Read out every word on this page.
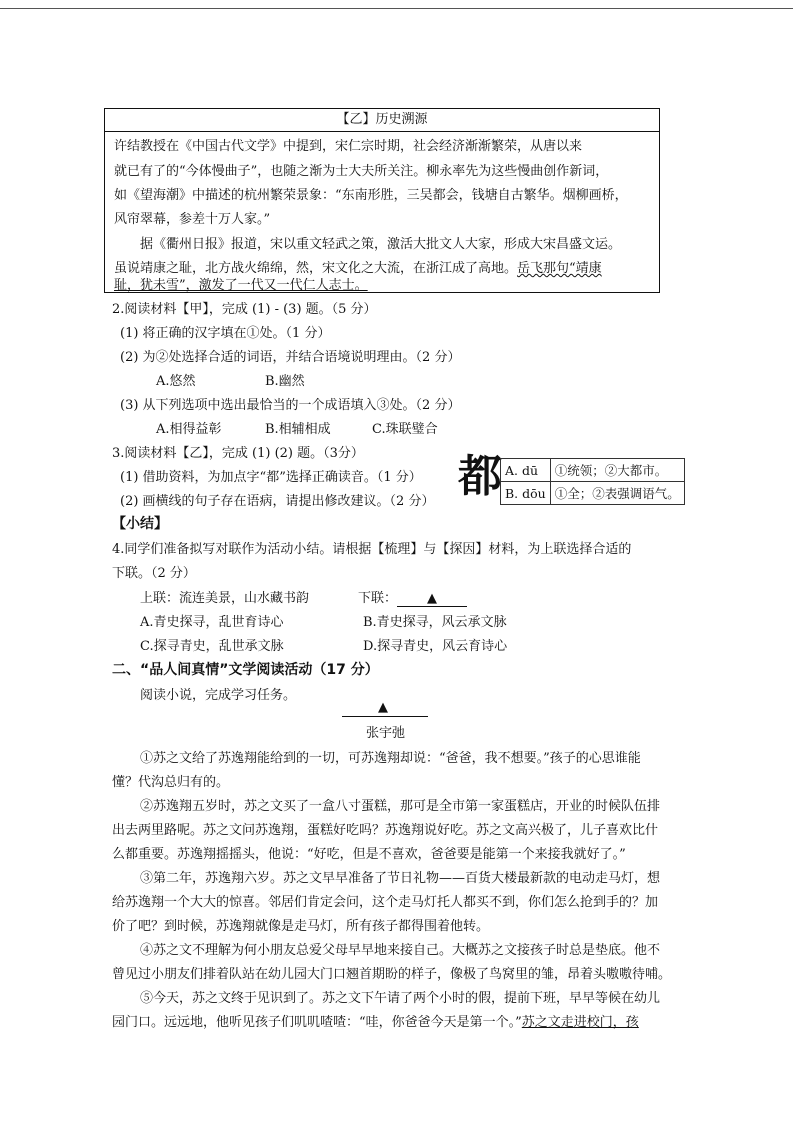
【乙】历史溯源
许结教授在《中国古代文学》中提到，宋仁宗时期，社会经济渐渐繁荣，从唐以来
就已有了的“今体慢曲子”，也随之渐为士大夫所关注。柳永率先为这些慢曲创作新词，
如《望海潮》中描述的杭州繁荣景象：“东南形胜，三吴都会，钱塘自古繁华。烟柳画桥，
风帘翠幕，参差十万人家。”
据《衢州日报》报道，宋以重文轻武之策，激活大批文人大家，形成大宋昌盛文运。
虽说靖康之耻，北方战火绵绵，然，宋文化之大流，在浙江成了高地。岳飞那句“靖康
耻，犹未雪”，激发了一代又一代仁人志士。
2.阅读材料【甲】，完成 (1) - (3) 题。（5 分）
(1) 将正确的汉字填在①处。（1 分）
(2) 为②处选择合适的词语，并结合语境说明理由。（2 分）
A.悠然	B.幽然
(3) 从下列选项中选出最恰当的一个成语填入③处。（2 分）
A.相得益彰	B.相辅相成	C.珠联璧合
3.阅读材料【乙】，完成 (1) (2) 题。（3分）
(1) 借助资料，为加点字“都”选择正确读音。（1 分）
(2) 画横线的句子存在语病，请提出修改建议。（2 分） 都 A. dū	①统领；②大都市。
B. dōu	①全；②表强调语气。
【小结】
4.同学们准备拟写对联作为活动小结。请根据【梳理】与【探因】材料，为上联选择合适的
下联。（2 分）
上联：流连美景，山水藏书韵	下联： ▲
A.青史探寻，乱世育诗心	B.青史探寻，风云承文脉
C.探寻青史，乱世承文脉	D.探寻青史，风云育诗心
二、“品人间真情”文学阅读活动（17 分）
阅读小说，完成学习任务。
▲
张宇弛
①苏之文给了苏逸翔能给到的一切，可苏逸翔却说：“爸爸，我不想要。”孩子的心思谁能
懂？代沟总归有的。
②苏逸翔五岁时，苏之文买了一盒八寸蛋糕，那可是全市第一家蛋糕店，开业的时候队伍排
出去两里路呢。苏之文问苏逸翔，蛋糕好吃吗？苏逸翔说好吃。苏之文高兴极了，儿子喜欢比什
么都重要。苏逸翔摇摇头，他说：“好吃，但是不喜欢，爸爸要是能第一个来接我就好了。”
③第二年，苏逸翔六岁。苏之文早早准备了节日礼物——百货大楼最新款的电动走马灯，想
给苏逸翔一个大大的惊喜。邻居们肯定会问，这个走马灯托人都买不到，你们怎么抢到手的？加
价了吧？到时候，苏逸翔就像是走马灯，所有孩子都得围着他转。
④苏之文不理解为何小朋友总爱父母早早地来接自己。大概苏之文接孩子时总是垫底。他不
曾见过小朋友们排着队站在幼儿园大门口翘首期盼的样子，像极了鸟窝里的雏，昂着头嗷嗷待哺。
⑤今天，苏之文终于见识到了。苏之文下午请了两个小时的假，提前下班，早早等候在幼儿
园门口。远远地，他听见孩子们叽叽喳喳：“哇，你爸爸今天是第一个。”苏之文走进校门，孩
